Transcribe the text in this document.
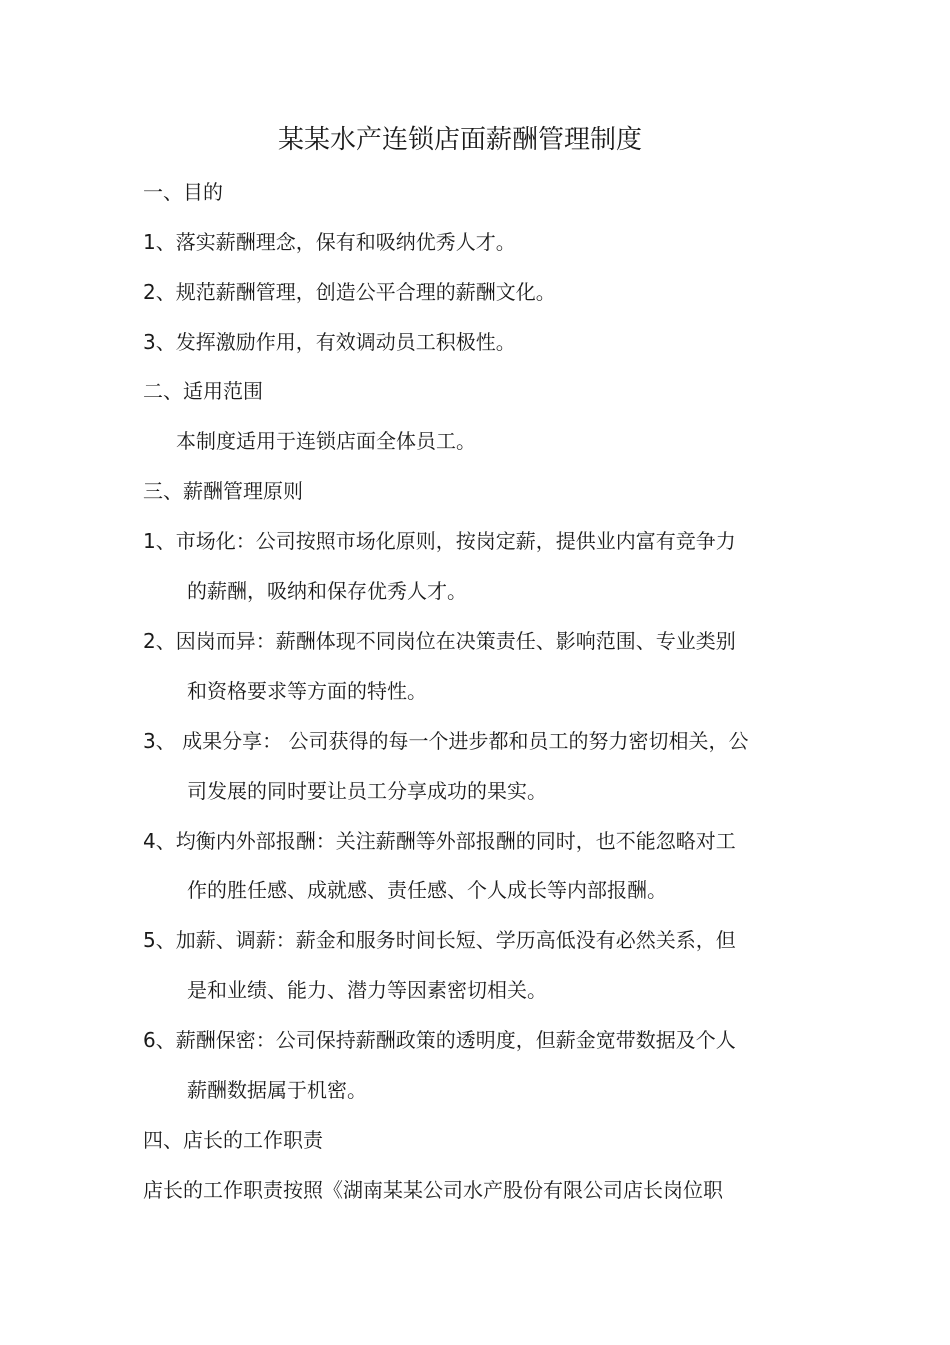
某某水产连锁店面薪酬管理制度
一、目的
1、落实薪酬理念，保有和吸纳优秀人才。
2、规范薪酬管理，创造公平合理的薪酬文化。
3、发挥激励作用，有效调动员工积极性。
二、适用范围
本制度适用于连锁店面全体员工。
三、薪酬管理原则
1、市场化：公司按照市场化原则，按岗定薪，提供业内富有竞争力
的薪酬，吸纳和保存优秀人才。
2、因岗而异：薪酬体现不同岗位在决策责任、影响范围、专业类别
和资格要求等方面的特性。
3、 成果分享： 公司获得的每一个进步都和员工的努力密切相关，公
司发展的同时要让员工分享成功的果实。
4、均衡内外部报酬：关注薪酬等外部报酬的同时，也不能忽略对工
作的胜任感、成就感、责任感、个人成长等内部报酬。
5、加薪、调薪：薪金和服务时间长短、学历高低没有必然关系，但
是和业绩、能力、潜力等因素密切相关。
6、薪酬保密：公司保持薪酬政策的透明度，但薪金宽带数据及个人
薪酬数据属于机密。
四、店长的工作职责
店长的工作职责按照《湖南某某公司水产股份有限公司店长岗位职
